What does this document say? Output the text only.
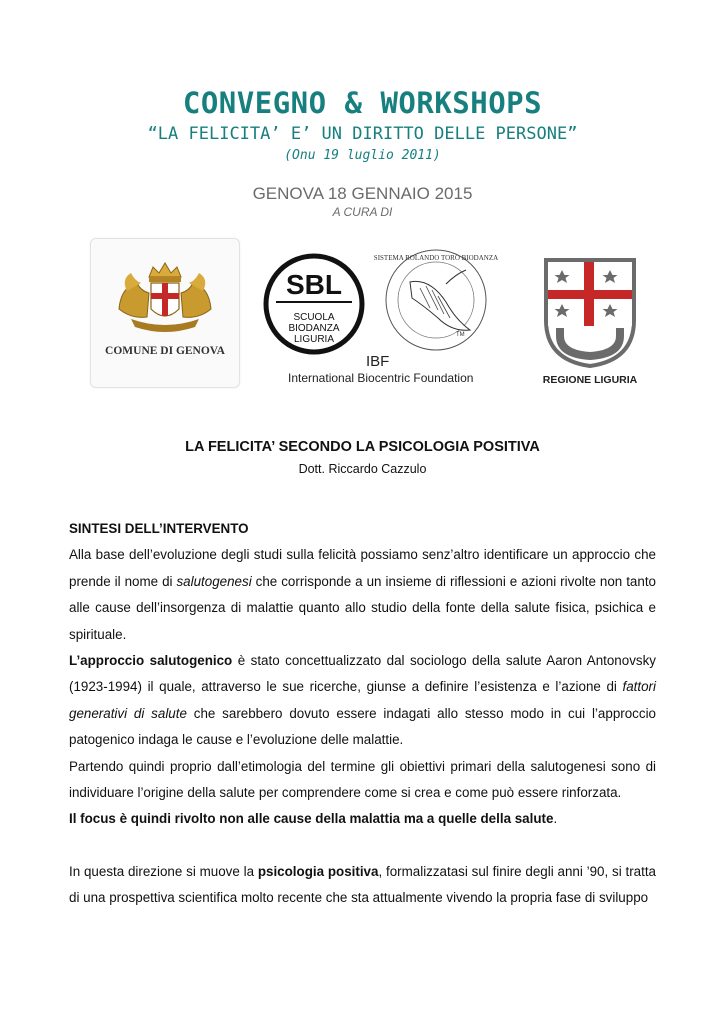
CONVEGNO & WORKSHOPS
“LA FELICITA’ E’ UN DIRITTO DELLE PERSONE”
(Onu 19 luglio 2011)
GENOVA 18 GENNAIO 2015
A CURA DI
COMUNE DI GENOVA
SBL
SCUOLA
BIODANZA
LIGURIA	TM
SISTEMA ROLANDO TORO BIODANZA
IBF
International Biocentric Foundation	REGIONE LIGURIA
LA FELICITA’ SECONDO LA PSICOLOGIA POSITIVA
Dott. Riccardo Cazzulo

SINTESI DELL’INTERVENTO

Alla base dell’evoluzione degli studi sulla felicità possiamo senz’altro identificare un approccio che prende il nome di salutogenesi che corrisponde a un insieme di riflessioni e azioni rivolte non tanto alle cause dell’insorgenza di malattie quanto allo studio della fonte della salute fisica, psichica e spirituale.

L’approccio salutogenico è stato concettualizzato dal sociologo della salute Aaron Antonovsky (1923-1994) il quale, attraverso le sue ricerche, giunse a definire l’esistenza e l’azione di fattori generativi di salute che sarebbero dovuto essere indagati allo stesso modo in cui l’approccio patogenico indaga le cause e l’evoluzione delle malattie.

Partendo quindi proprio dall’etimologia del termine gli obiettivi primari della salutogenesi sono di individuare l’origine della salute per comprendere come si crea e come può essere rinforzata.

Il focus è quindi rivolto non alle cause della malattia ma a quelle della salute.

In questa direzione si muove la psicologia positiva, formalizzatasi sul finire degli anni ’90, si tratta di una prospettiva scientifica molto recente che sta attualmente vivendo la propria fase di sviluppo
